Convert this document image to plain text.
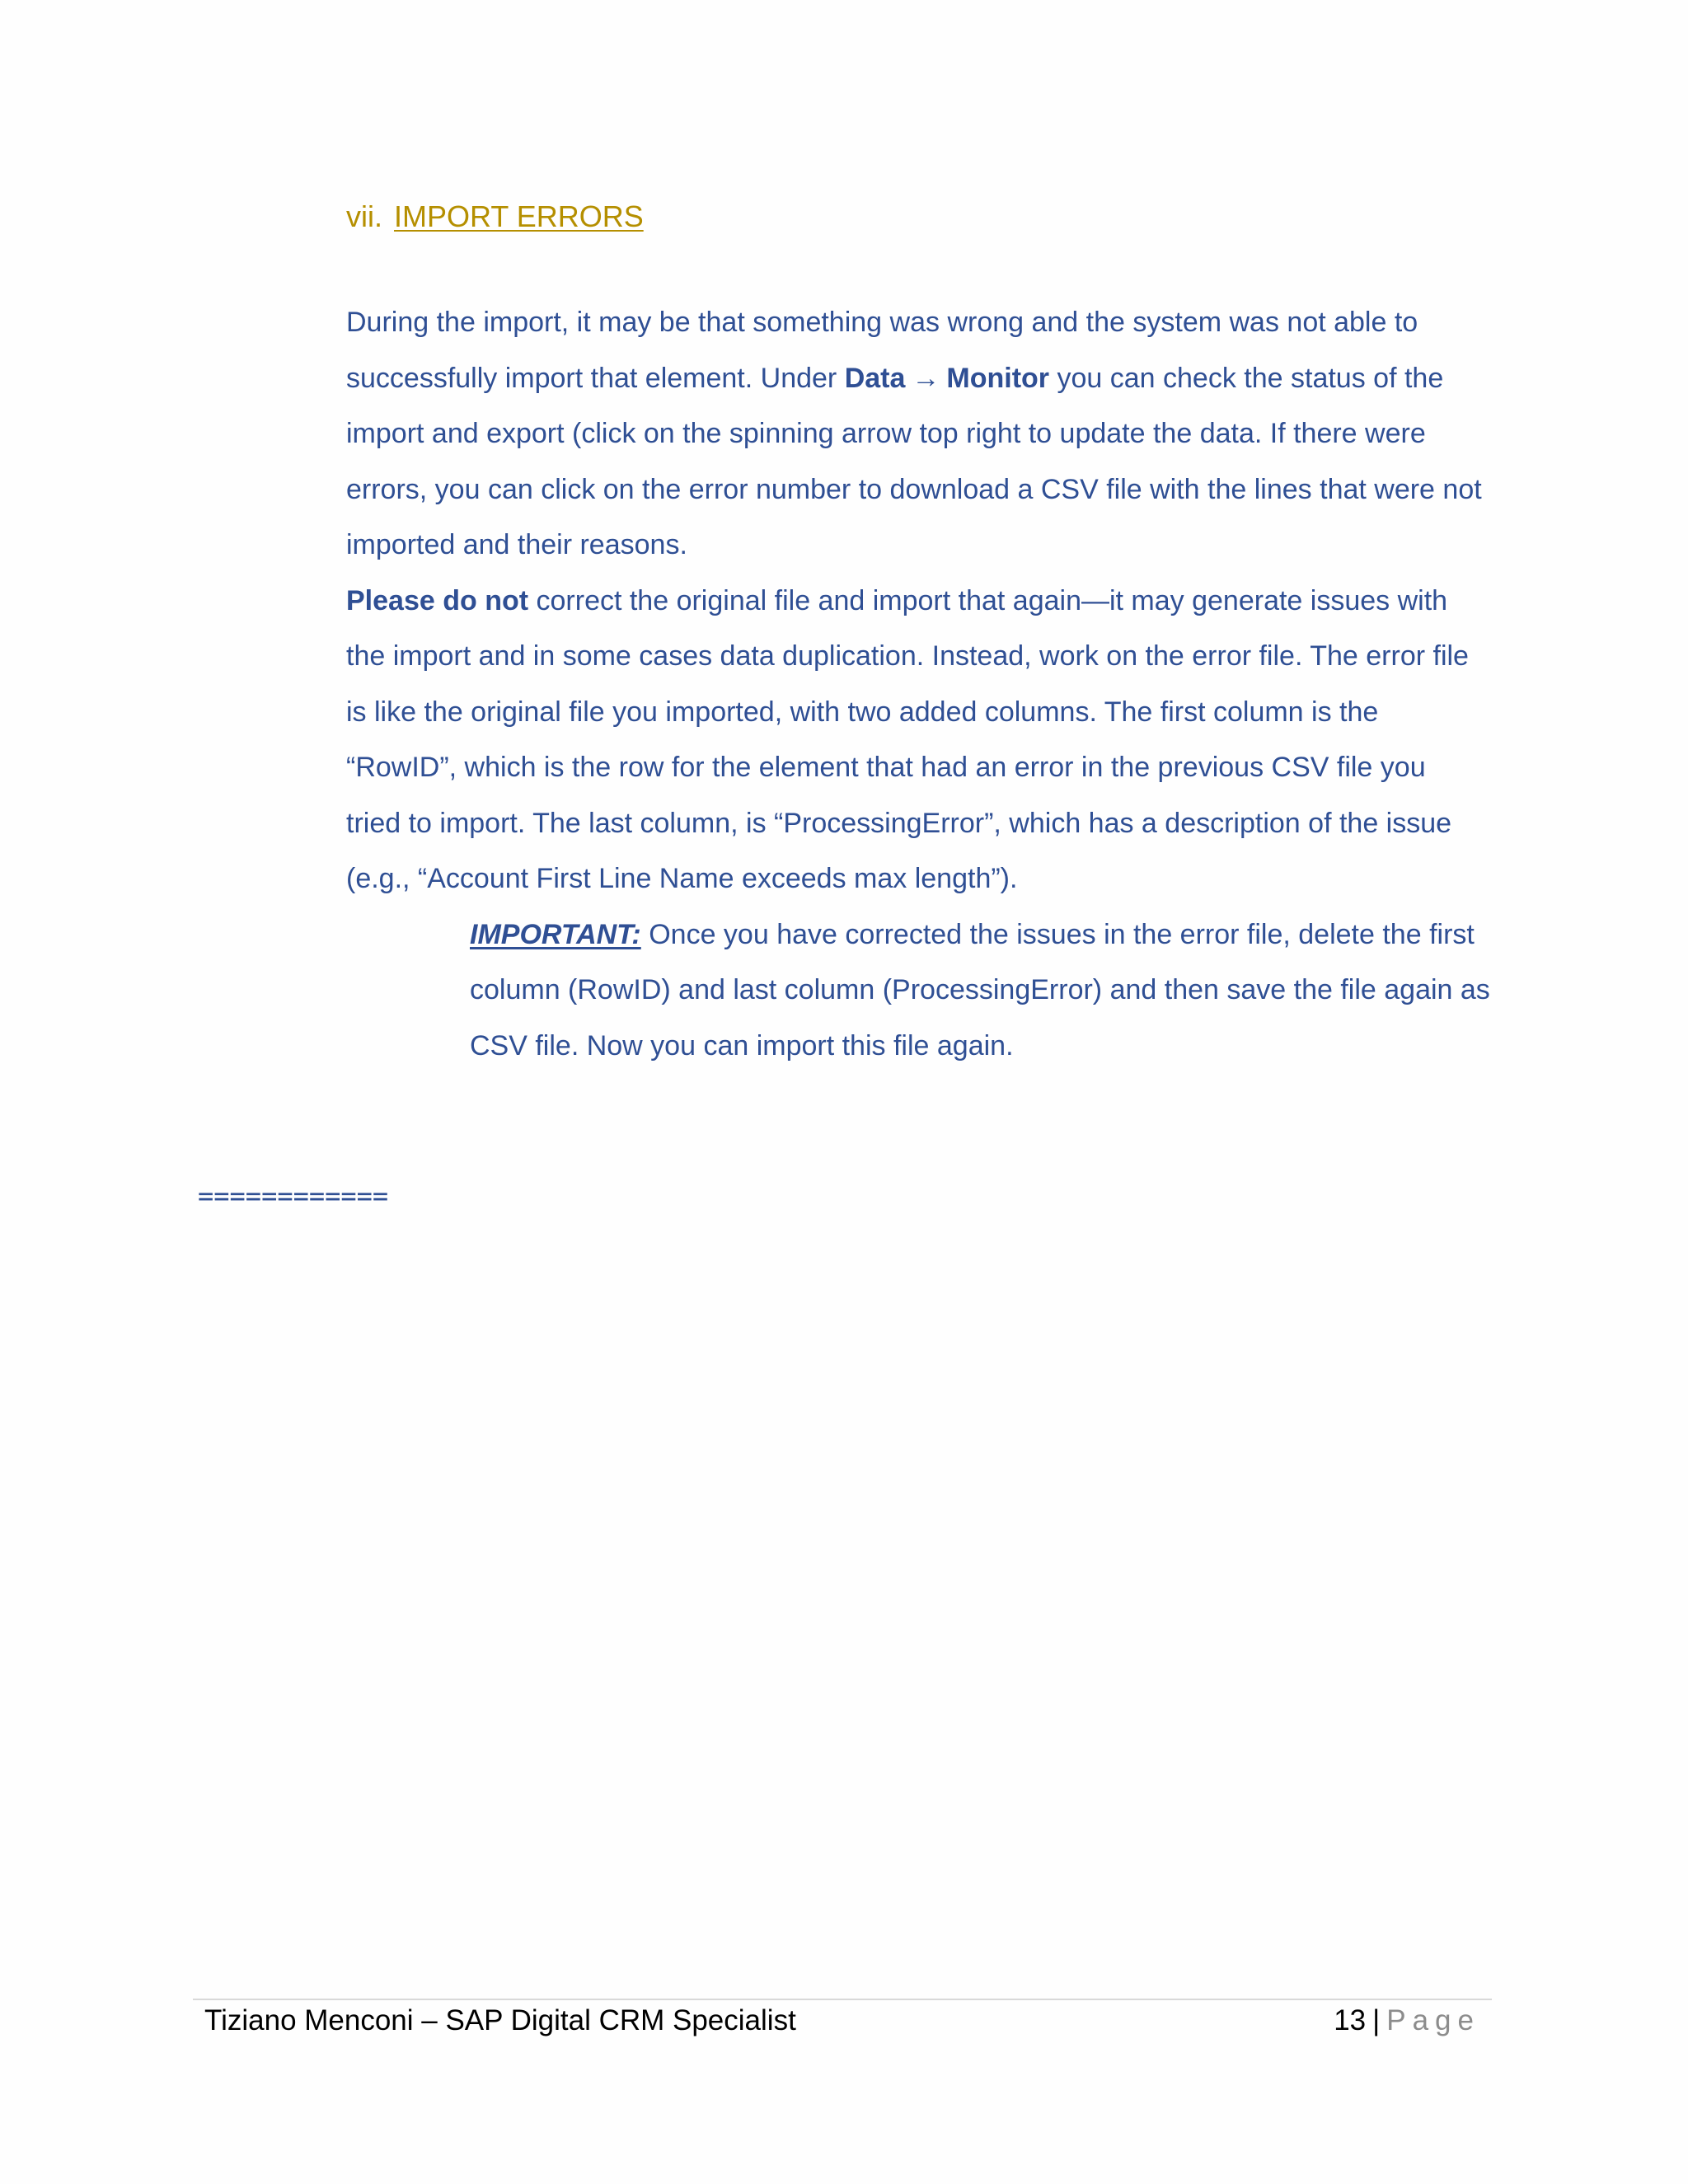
vii. IMPORT ERRORS
During the import, it may be that something was wrong and the system was not able to
successfully import that element. Under Data → Monitor you can check the status of the
import and export (click on the spinning arrow top right to update the data. If there were
errors, you can click on the error number to download a CSV file with the lines that were not
imported and their reasons.
Please do not correct the original file and import that again—it may generate issues with
the import and in some cases data duplication. Instead, work on the error file. The error file
is like the original file you imported, with two added columns. The first column is the
“RowID”, which is the row for the element that had an error in the previous CSV file you
tried to import. The last column, is “ProcessingError”, which has a description of the issue
(e.g., “Account First Line Name exceeds max length”).
IMPORTANT: Once you have corrected the issues in the error file, delete the first
column (RowID) and last column (ProcessingError) and then save the file again as
CSV file. Now you can import this file again.
============
Tiziano Menconi – SAP Digital CRM Specialist	13 | Page
